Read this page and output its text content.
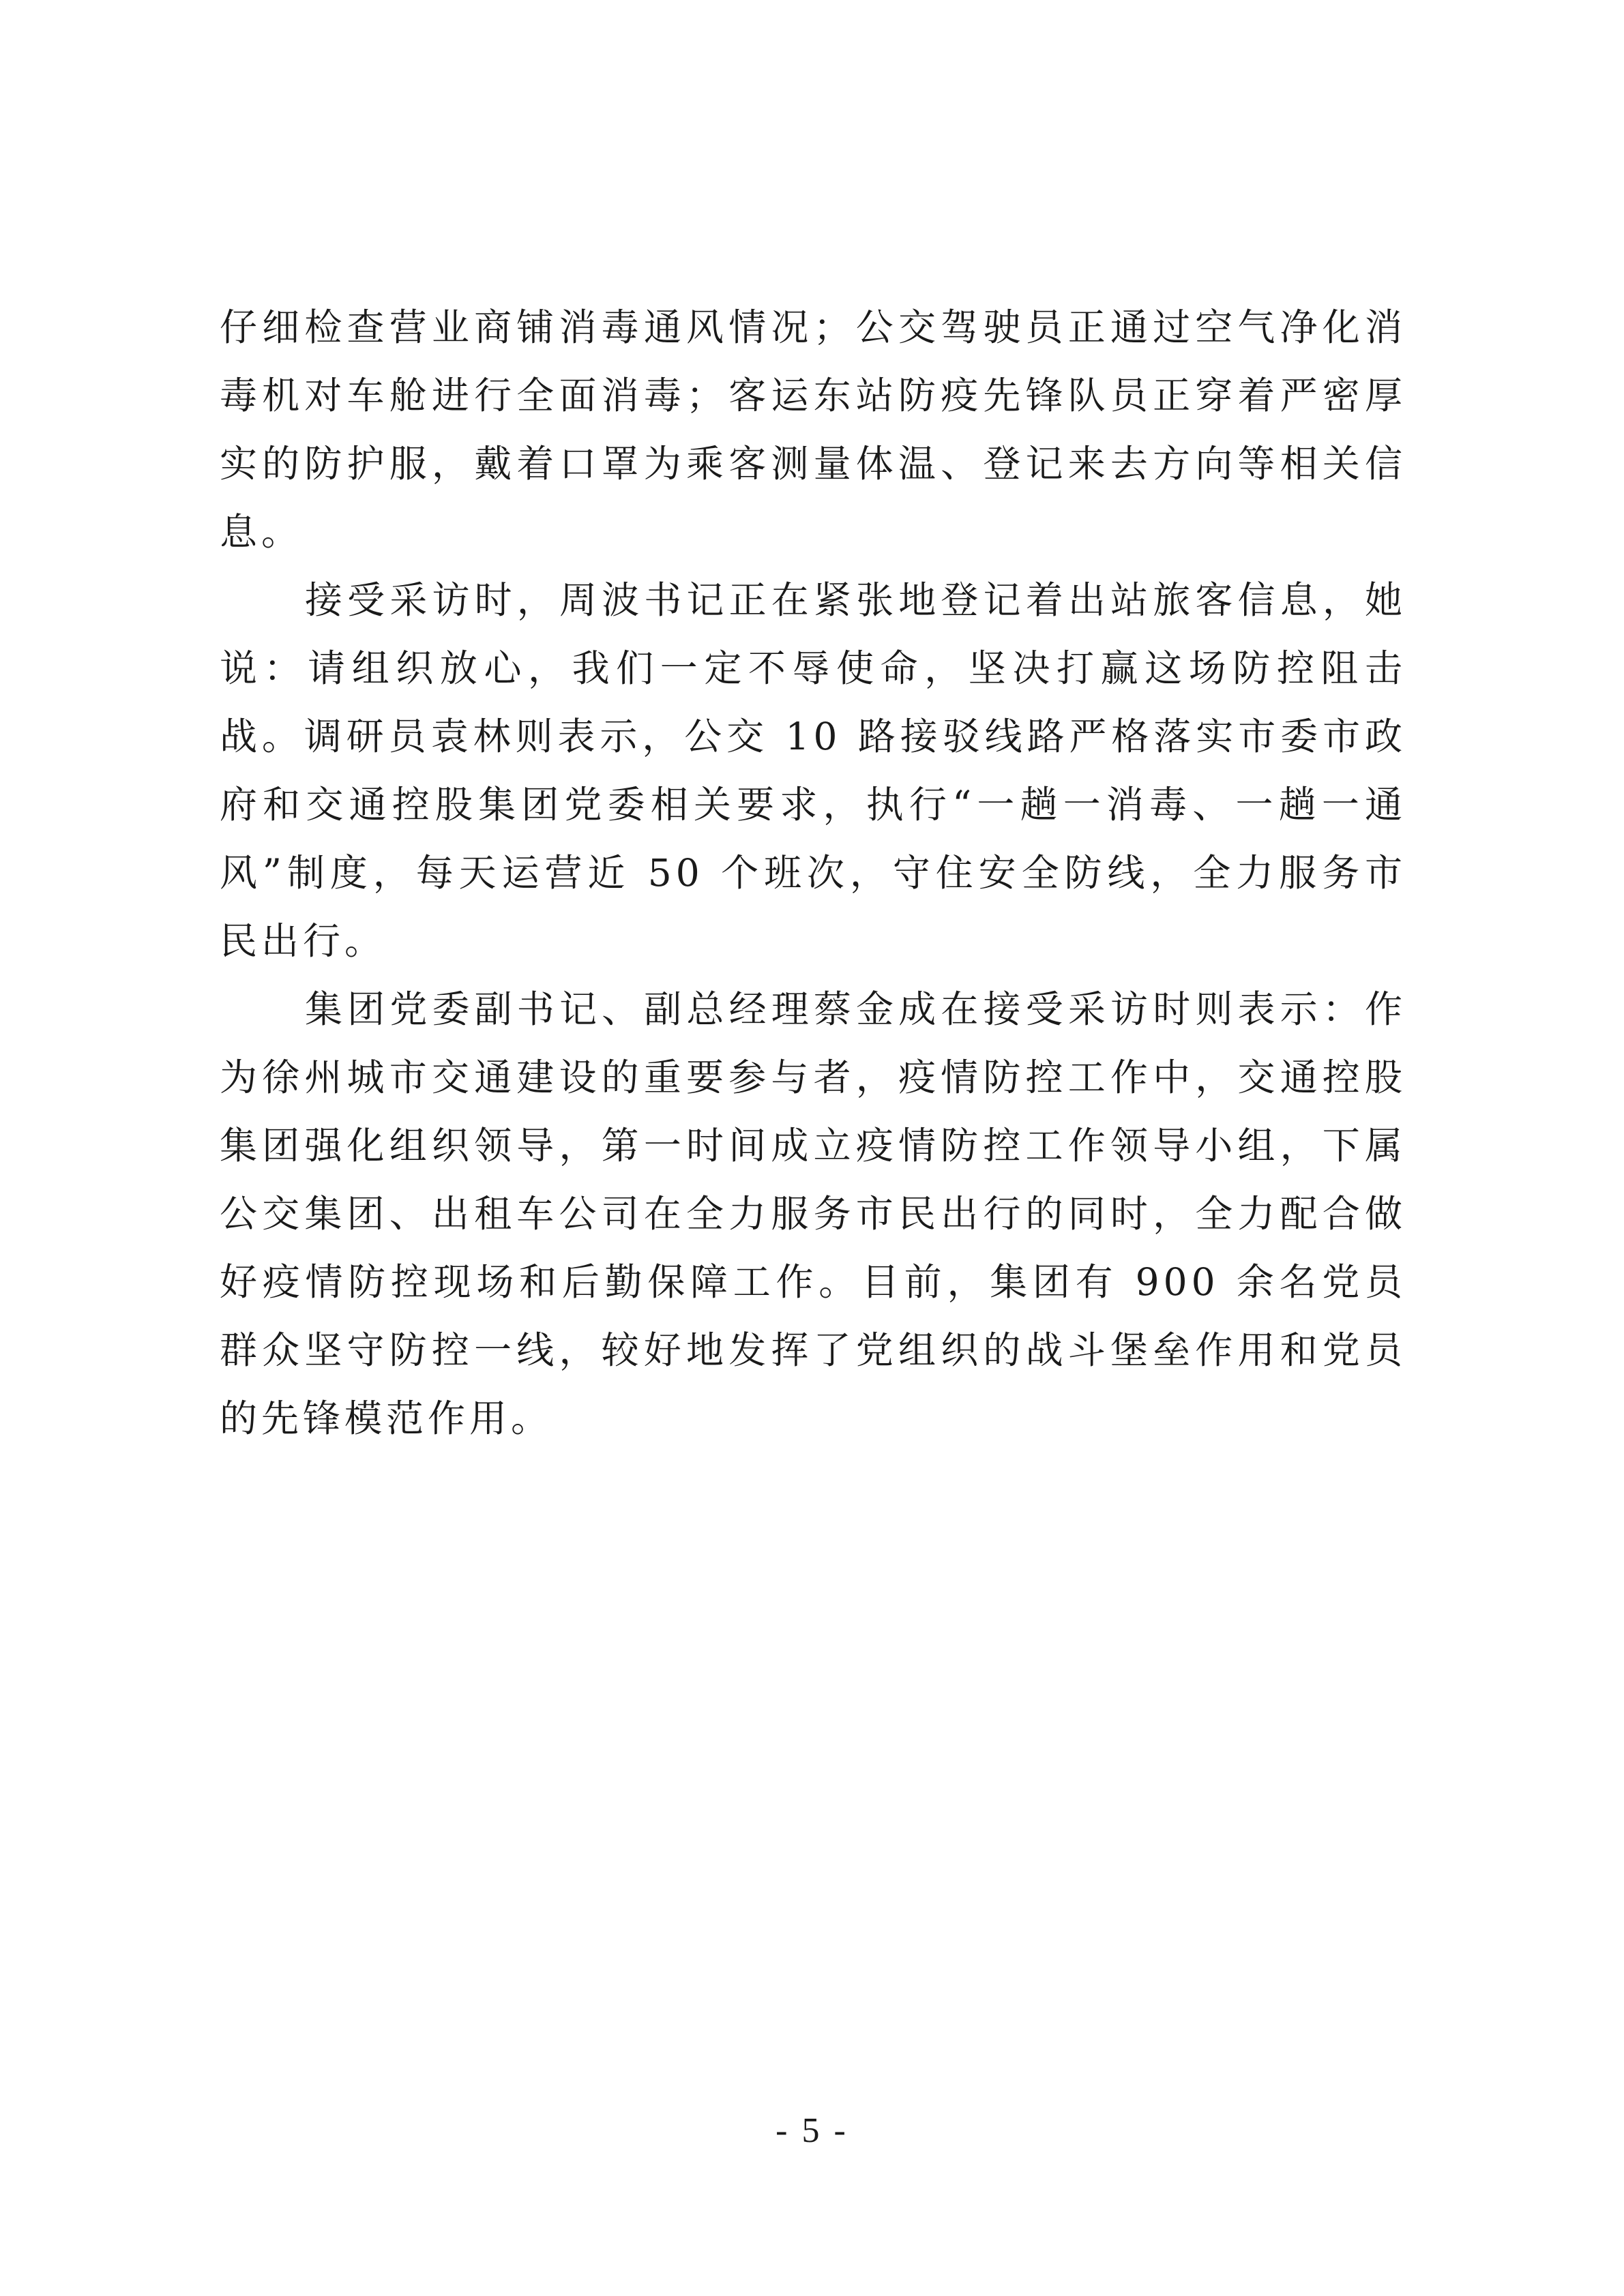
仔细检查营业商铺消毒通风情况；公交驾驶员正通过空气净化消毒机对车舱进行全面消毒；客运东站防疫先锋队员正穿着严密厚实的防护服，戴着口罩为乘客测量体温、登记来去方向等相关信息。

接受采访时，周波书记正在紧张地登记着出站旅客信息，她说：请组织放心，我们一定不辱使命，坚决打赢这场防控阻击战。调研员袁林则表示，公交 10 路接驳线路严格落实市委市政府和交通控股集团党委相关要求，执行“一趟一消毒、一趟一通风”制度，每天运营近 50 个班次，守住安全防线，全力服务市民出行。

集团党委副书记、副总经理蔡金成在接受采访时则表示：作为徐州城市交通建设的重要参与者，疫情防控工作中，交通控股集团强化组织领导，第一时间成立疫情防控工作领导小组，下属公交集团、出租车公司在全力服务市民出行的同时，全力配合做好疫情防控现场和后勤保障工作。目前，集团有 900 余名党员群众坚守防控一线，较好地发挥了党组织的战斗堡垒作用和党员的先锋模范作用。

- 5 -
